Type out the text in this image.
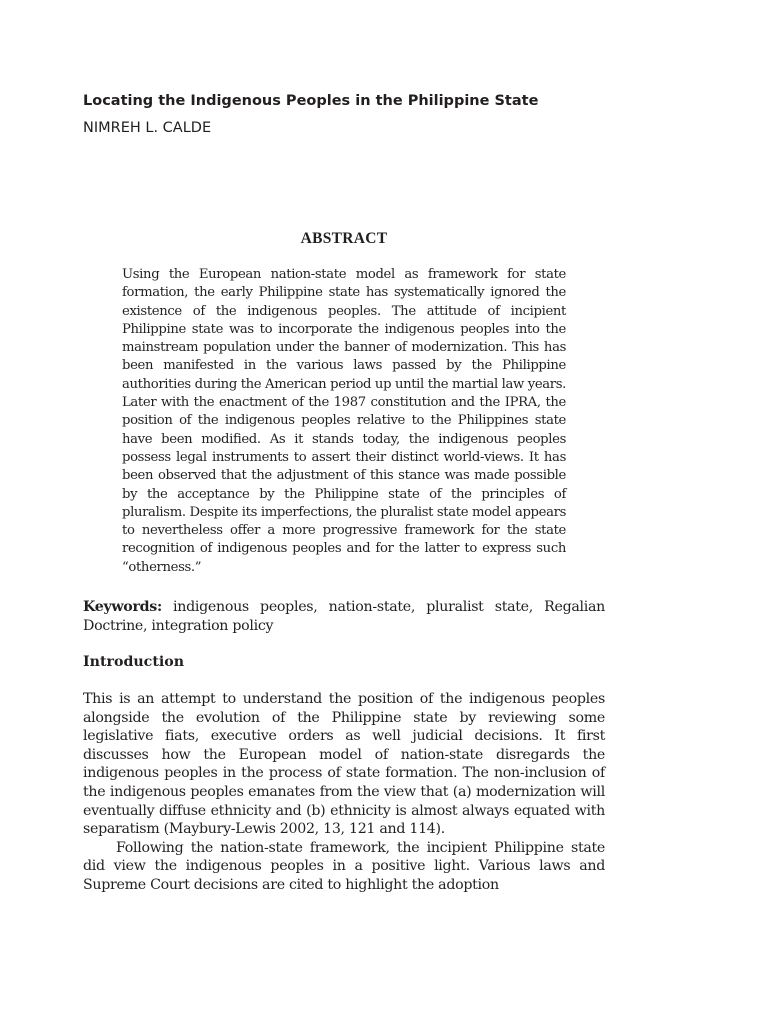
Locating the Indigenous Peoples in the Philippine State
NIMREH L. CALDE
ABSTRACT

Using the European nation-state model as framework for state formation, the early Philippine state has systematically ignored the existence of the indigenous peoples. The attitude of incipient Philippine state was to incorporate the indigenous peoples into the mainstream population under the banner of modernization. This has been manifested in the various laws passed by the Philippine authorities during the American period up until the martial law years. Later with the enactment of the 1987 constitution and the IPRA, the position of the indigenous peoples relative to the Philippines state have been modified. As it stands today, the indigenous peoples possess legal instruments to assert their distinct world-views. It has been observed that the adjustment of this stance was made possible by the acceptance by the Philippine state of the principles of pluralism. Despite its imperfections, the pluralist state model appears to nevertheless offer a more progressive framework for the state recognition of indigenous peoples and for the latter to express such “otherness.”

Keywords: indigenous peoples, nation-state, pluralist state, Regalian Doctrine, integration policy

Introduction

This is an attempt to understand the position of the indigenous peoples alongside the evolution of the Philippine state by reviewing some legislative fiats, executive orders as well judicial decisions. It first discusses how the European model of nation-state disregards the indigenous peoples in the process of state formation. The non-inclusion of the indigenous peoples emanates from the view that (a) modernization will eventually diffuse ethnicity and (b) ethnicity is almost always equated with separatism (Maybury-Lewis 2002, 13, 121 and 114).

Following the nation-state framework, the incipient Philippine state did view the indigenous peoples in a positive light. Various laws and Supreme Court decisions are cited to highlight the adoption
